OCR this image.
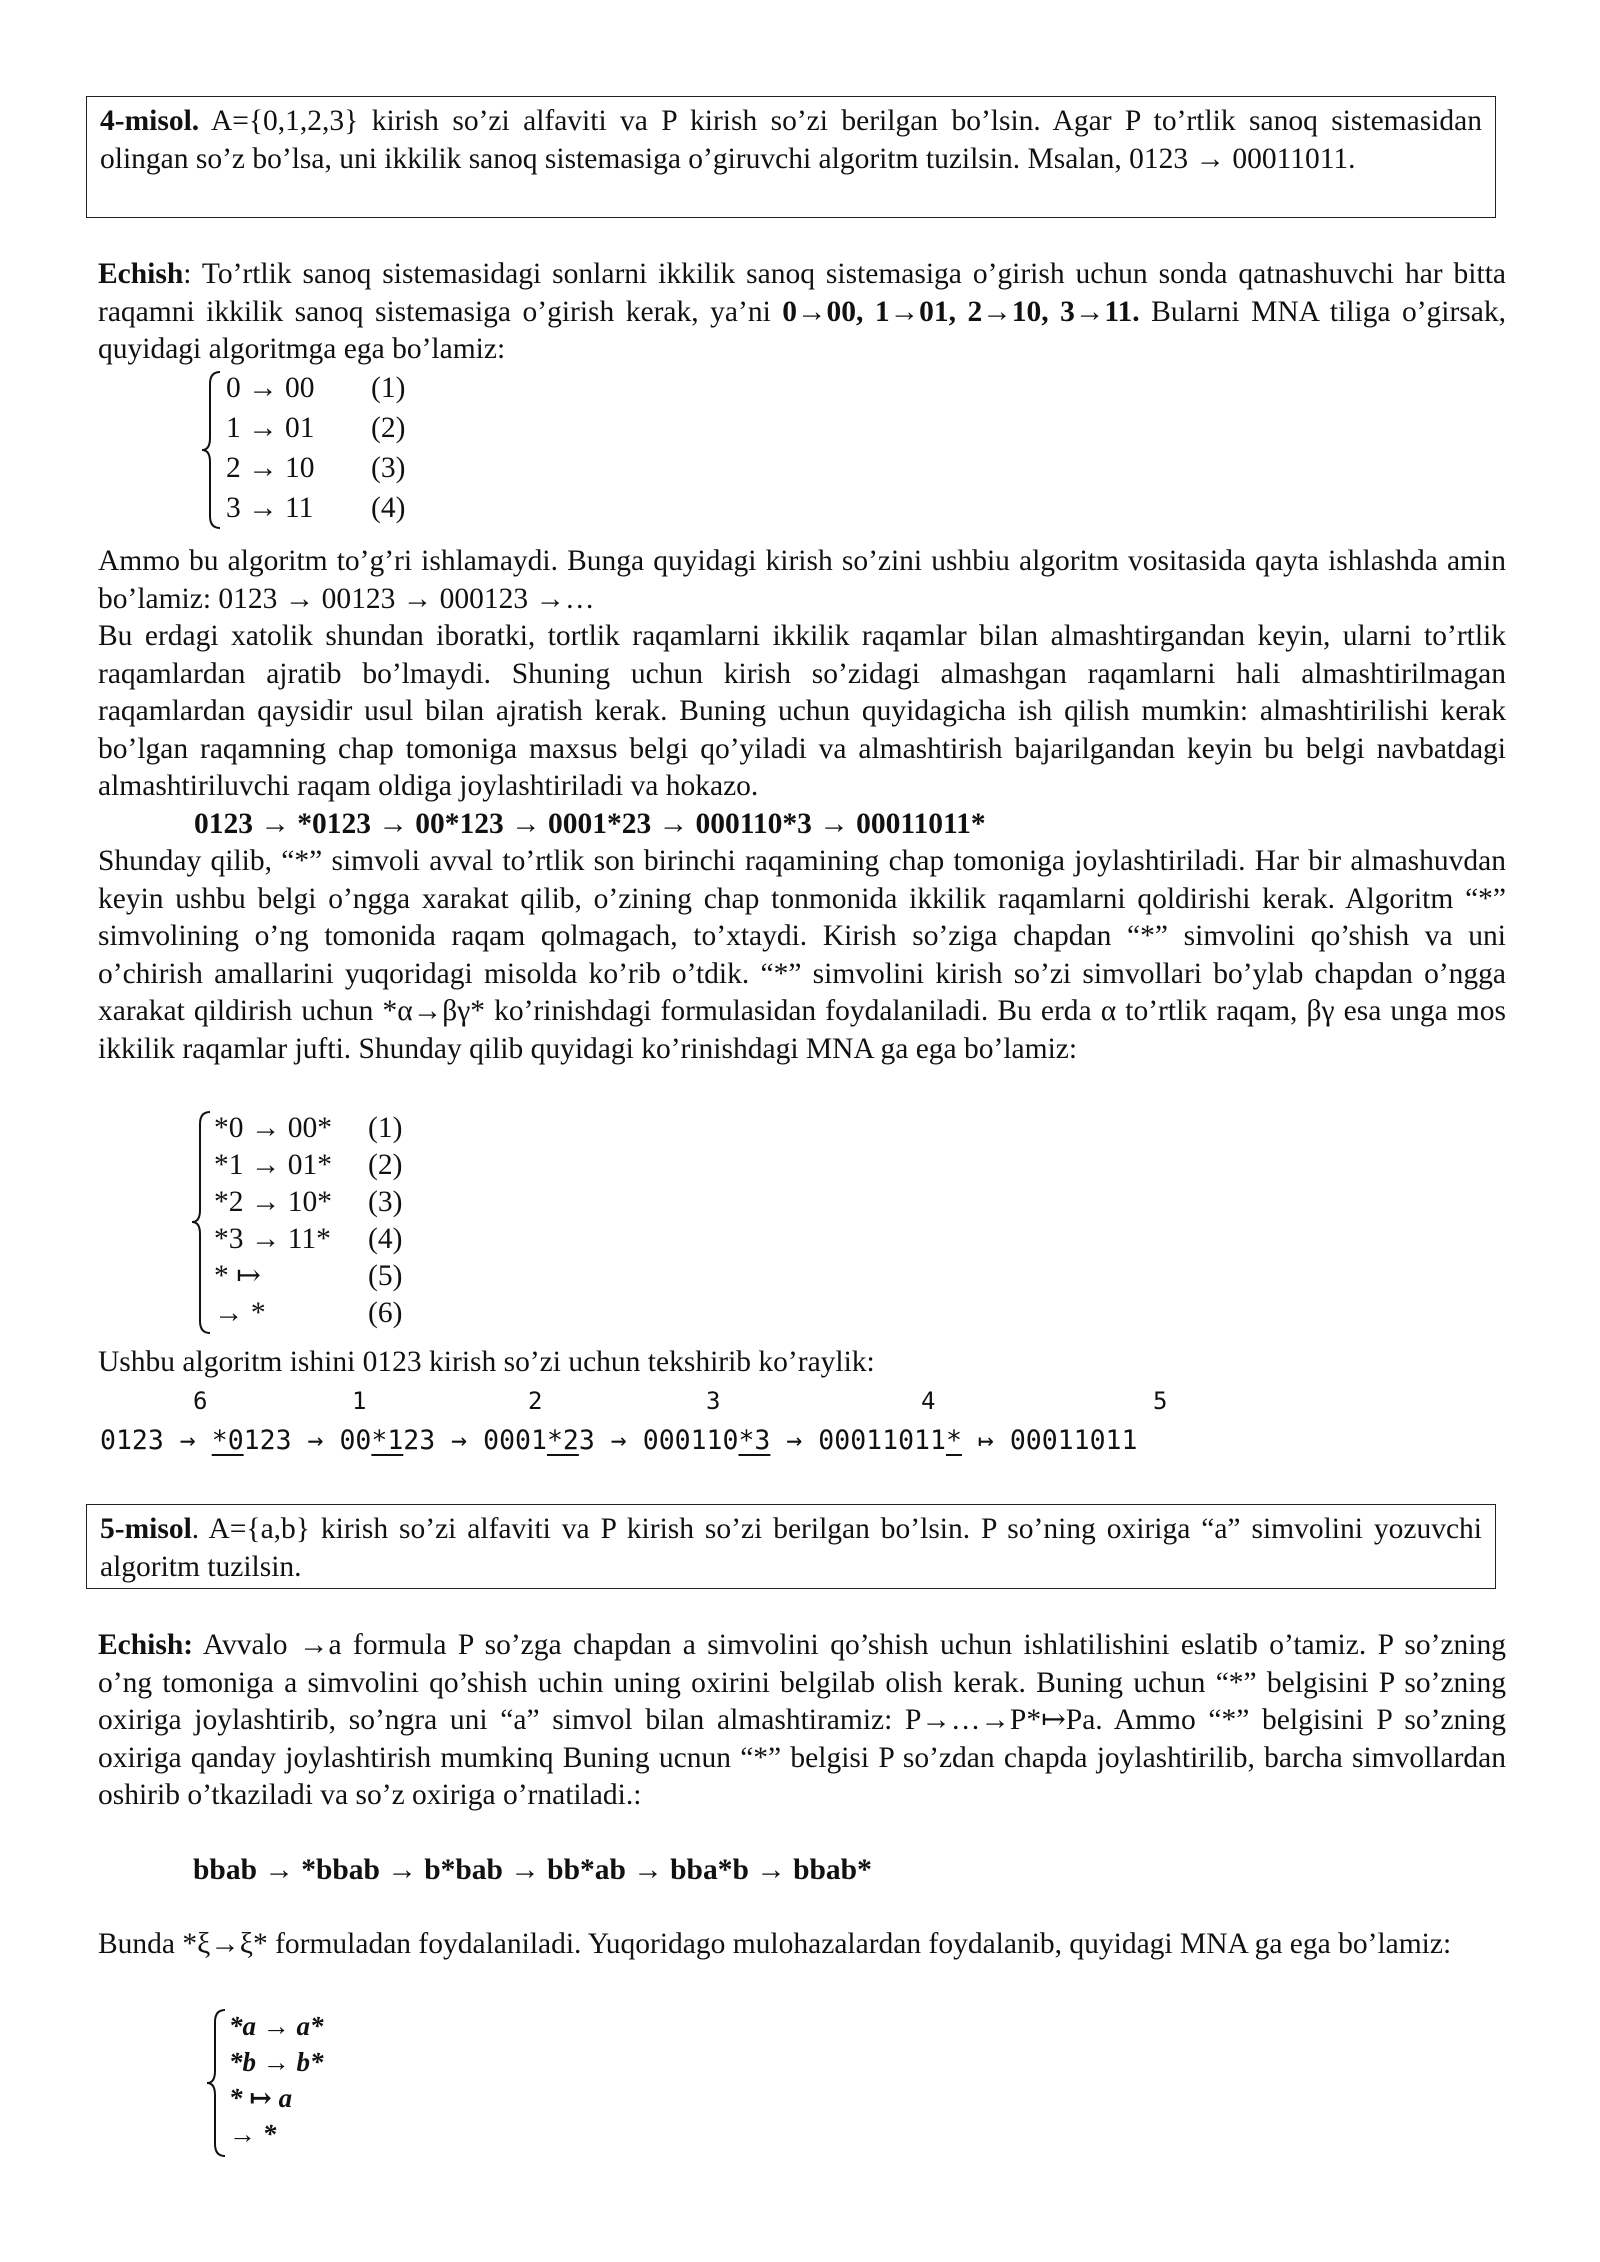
4-misol. A={0,1,2,3} kirish so’zi alfaviti va P kirish so’zi berilgan bo’lsin. Agar P to’rtlik sanoq sistemasidan olingan so’z bo’lsa, uni ikkilik sanoq sistemasiga o’giruvchi algoritm tuzilsin. Msalan, 0123 → 00011011.

Echish: To’rtlik sanoq sistemasidagi sonlarni ikkilik sanoq sistemasiga o’girish uchun sonda qatnashuvchi har bitta raqamni ikkilik sanoq sistemasiga o’girish kerak, ya’ni 0→00, 1→01, 2→10, 3→11. Bularni MNA tiligа o’girsak, quyidagi algoritmga ega bo’lamiz:

0 → 00 (1)
1 → 01 (2)
2 → 10 (3)
3 → 11 (4)

Ammo bu algoritm to’g’ri ishlamaydi. Bunga quyidagi kirish so’zini ushbiu algoritm vositasida qayta ishlashda amin bo’lamiz: 0123 → 00123 → 000123 →…

Bu erdagi xatolik shundan iboratki, tortlik raqamlarni ikkilik raqamlar bilan almashtirgandan keyin, ularni to’rtlik raqamlardan ajratib bo’lmaydi. Shuning uchun kirish so’zidagi almashgan raqamlarni hali almashtirilmagan raqamlardan qaysidir usul bilan ajratish kerak. Buning uchun quyidagicha ish qilish mumkin: almashtirilishi kerak bo’lgan raqamning chap tomoniga maxsus belgi qo’yiladi va almashtirish bajarilgandan keyin bu belgi navbatdagi almashtiriluvchi raqam oldiga joylashtiriladi va hokazo.

0123 → *0123 → 00*123 → 0001*23 → 000110*3 → 00011011*

Shunday qilib, “*” simvoli avval to’rtlik son birinchi raqamining chap tomoniga joylashtiriladi. Har bir almashuvdan keyin ushbu belgi o’ngga xarakat qilib, o’zining chap tonmonida ikkilik raqamlarni qoldirishi kerak. Algoritm “*” simvolining o’ng tomonida raqam qolmagach, to’xtaydi. Kirish so’ziga chapdan “*” simvolini qo’shish va uni o’chirish amallarini yuqoridagi misolda ko’rib o’tdik. “*” simvolini kirish so’zi simvollari bo’ylab chapdan o’ngga xarakat qildirish uchun *α→βγ* ko’rinishdagi formulasidan foydalaniladi. Bu erda α to’rtlik raqam, βγ esa unga mos ikkilik raqamlar jufti. Shunday qilib quyidagi ko’rinishdagi MNA ga ega bo’lamiz:

*0 → 00* (1)
*1 → 01* (2)
*2 → 10* (3)
*3 → 11* (4)
* ↦	(5)
→ *	(6)

Ushbu algoritm ishini 0123 kirish so’zi uchun tekshirib ko’raylik:

6	1	2	3	4	5
0123 → *0123 → 00*123 → 0001*23 → 000110*3 → 00011011* ↦ 00011011
5-misol. A={a,b} kirish so’zi alfaviti va P kirish so’zi berilgan bo’lsin. P so’ning oxiriga “a” simvolini yozuvchi algoritm tuzilsin.

Echish: Avvalo →a formula P so’zga chapdan a simvolini qo’shish uchun ishlatilishini eslatib o’tamiz. P so’zning o’ng tomoniga a simvolini qo’shish uchin uning oxirini belgilab olish kerak. Buning uchun “*” belgisini P so’zning oxiriga joylashtirib, so’ngra uni “a” simvol bilan almashtiramiz: P→…→P*↦Pa. Ammo “*” belgisini P so’zning oxiriga qanday joylashtirish mumkinq Buning ucnun “*” belgisi P so’zdan chapda joylashtirilib, barcha simvollardan oshirib o’tkaziladi va so’z oxiriga o’rnatiladi.:

bbab → *bbab → b*bab → bb*ab → bba*b → bbab*

Bunda *ξ→ξ* formuladan foydalaniladi. Yuqoridago mulohazalardan foydalanib, quyidagi MNA ga ega bo’lamiz:

*a → a*
*b → b*
* ↦ a
→ *
